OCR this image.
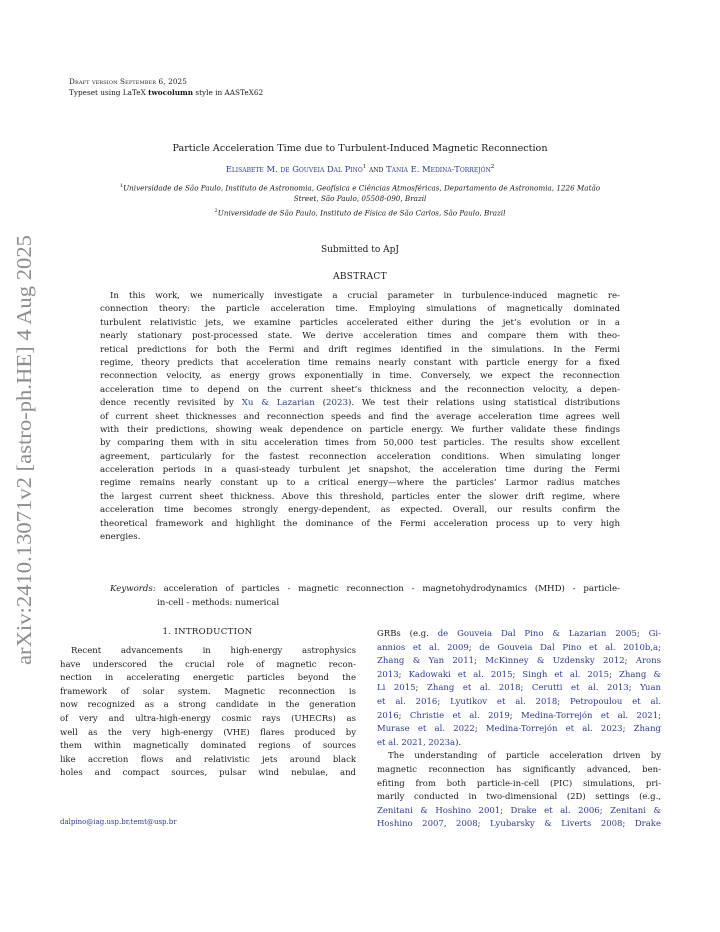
arXiv:2410.13071v2 [astro-ph.HE] 4 Aug 2025

Draft version September 6, 2025

Typeset using LaTeX twocolumn style in AASTeX62

Particle Acceleration Time due to Turbulent-Induced Magnetic Reconnection

Elisabete M. de Gouveia Dal Pino$^1$ and Tania E. Medina-Torrejón$^2$

$^1$Universidade de São Paulo, Instituto de Astronomia, Geofísica e Ciências Atmosféricas, Departamento de Astronomia, 1226 Matão

Street, São Paulo, 05508-090, Brazil

$^2$Universidade de São Paulo, Instituto de Física de São Carlos, São Paulo, Brazil

Submitted to ApJ

ABSTRACT

In this work, we numerically investigate a crucial parameter in turbulence-induced magnetic re-

connection theory: the particle acceleration time. Employing simulations of magnetically dominated

turbulent relativistic jets, we examine particles accelerated either during the jet’s evolution or in a

nearly stationary post-processed state. We derive acceleration times and compare them with theo-

retical predictions for both the Fermi and drift regimes identified in the simulations. In the Fermi

regime, theory predicts that acceleration time remains nearly constant with particle energy for a fixed

reconnection velocity, as energy grows exponentially in time. Conversely, we expect the reconnection

acceleration time to depend on the current sheet’s thickness and the reconnection velocity, a depen-

dence recently revisited by Xu & Lazarian (2023). We test their relations using statistical distributions

of current sheet thicknesses and reconnection speeds and find the average acceleration time agrees well

with their predictions, showing weak dependence on particle energy. We further validate these findings

by comparing them with in situ acceleration times from 50,000 test particles. The results show excellent

agreement, particularly for the fastest reconnection acceleration conditions. When simulating longer

acceleration periods in a quasi-steady turbulent jet snapshot, the acceleration time during the Fermi

regime remains nearly constant up to a critical energy—where the particles’ Larmor radius matches

the largest current sheet thickness. Above this threshold, particles enter the slower drift regime, where

acceleration time becomes strongly energy-dependent, as expected. Overall, our results confirm the

theoretical framework and highlight the dominance of the Fermi acceleration process up to very high

energies.

Keywords: acceleration of particles - magnetic reconnection - magnetohydrodynamics (MHD) - particle-

in-cell - methods: numerical

1. INTRODUCTION

Recent advancements in high-energy astrophysics

have underscored the crucial role of magnetic recon-

nection in accelerating energetic particles beyond the

framework of solar system. Magnetic reconnection is

now recognized as a strong candidate in the generation

of very and ultra-high-energy cosmic rays (UHECRs) as

well as the very high-energy (VHE) flares produced by

them within magnetically dominated regions of sources

like accretion flows and relativistic jets around black

holes and compact sources, pulsar wind nebulae, and

GRBs (e.g. de Gouveia Dal Pino & Lazarian 2005; Gi-

annios et al. 2009; de Gouveia Dal Pino et al. 2010b,a;

Zhang & Yan 2011; McKinney & Uzdensky 2012; Arons

2013; Kadowaki et al. 2015; Singh et al. 2015; Zhang &

Li 2015; Zhang et al. 2018; Cerutti et al. 2013; Yuan

et al. 2016; Lyutikov et al. 2018; Petropoulou et al.

2016; Christie et al. 2019; Medina-Torrejón et al. 2021;

Murase et al. 2022; Medina-Torrejón et al. 2023; Zhang

et al. 2021, 2023a).

The understanding of particle acceleration driven by

magnetic reconnection has significantly advanced, ben-

efiting from both particle-in-cell (PIC) simulations, pri-

marily conducted in two-dimensional (2D) settings (e.g.,

Zenitani & Hoshino 2001; Drake et al. 2006; Zenitani &

Hoshino 2007, 2008; Lyubarsky & Liverts 2008; Drake

dalpino@iag.usp.br,temt@usp.br
